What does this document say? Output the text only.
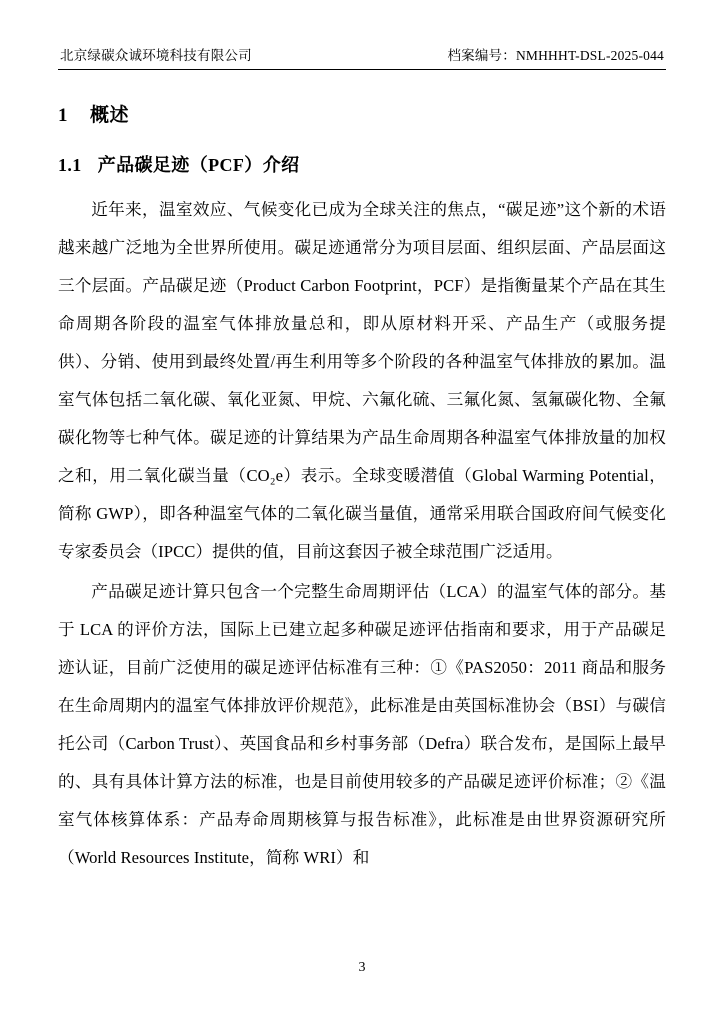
北京绿碳众诚环境科技有限公司	档案编号：NMHHHT-DSL-2025-044
1 概述
1.1 产品碳足迹（PCF）介绍

近年来，温室效应、气候变化已成为全球关注的焦点，“碳足迹”这个新的术语越来越广泛地为全世界所使用。碳足迹通常分为项目层面、组织层面、产品层面这三个层面。产品碳足迹（Product Carbon Footprint，PCF）是指衡量某个产品在其生命周期各阶段的温室气体排放量总和，即从原材料开采、产品生产（或服务提供）、分销、使用到最终处置/再生利用等多个阶段的各种温室气体排放的累加。温室气体包括二氧化碳、氧化亚氮、甲烷、六氟化硫、三氟化氮、氢氟碳化物、全氟碳化物等七种气体。碳足迹的计算结果为产品生命周期各种温室气体排放量的加权之和，用二氧化碳当量（CO₂e）表示。全球变暖潜值（Global Warming Potential，简称 GWP），即各种温室气体的二氧化碳当量值，通常采用联合国政府间气候变化专家委员会（IPCC）提供的值，目前这套因子被全球范围广泛适用。

产品碳足迹计算只包含一个完整生命周期评估（LCA）的温室气体的部分。基于 LCA 的评价方法，国际上已建立起多种碳足迹评估指南和要求，用于产品碳足迹认证，目前广泛使用的碳足迹评估标准有三种：①《PAS2050：2011 商品和服务在生命周期内的温室气体排放评价规范》，此标准是由英国标准协会（BSI）与碳信托公司（Carbon Trust）、英国食品和乡村事务部（Defra）联合发布，是国际上最早的、具有具体计算方法的标准，也是目前使用较多的产品碳足迹评价标准；②《温室气体核算体系：产品寿命周期核算与报告标准》，此标准是由世界资源研究所（World Resources Institute，简称 WRI）和

3
